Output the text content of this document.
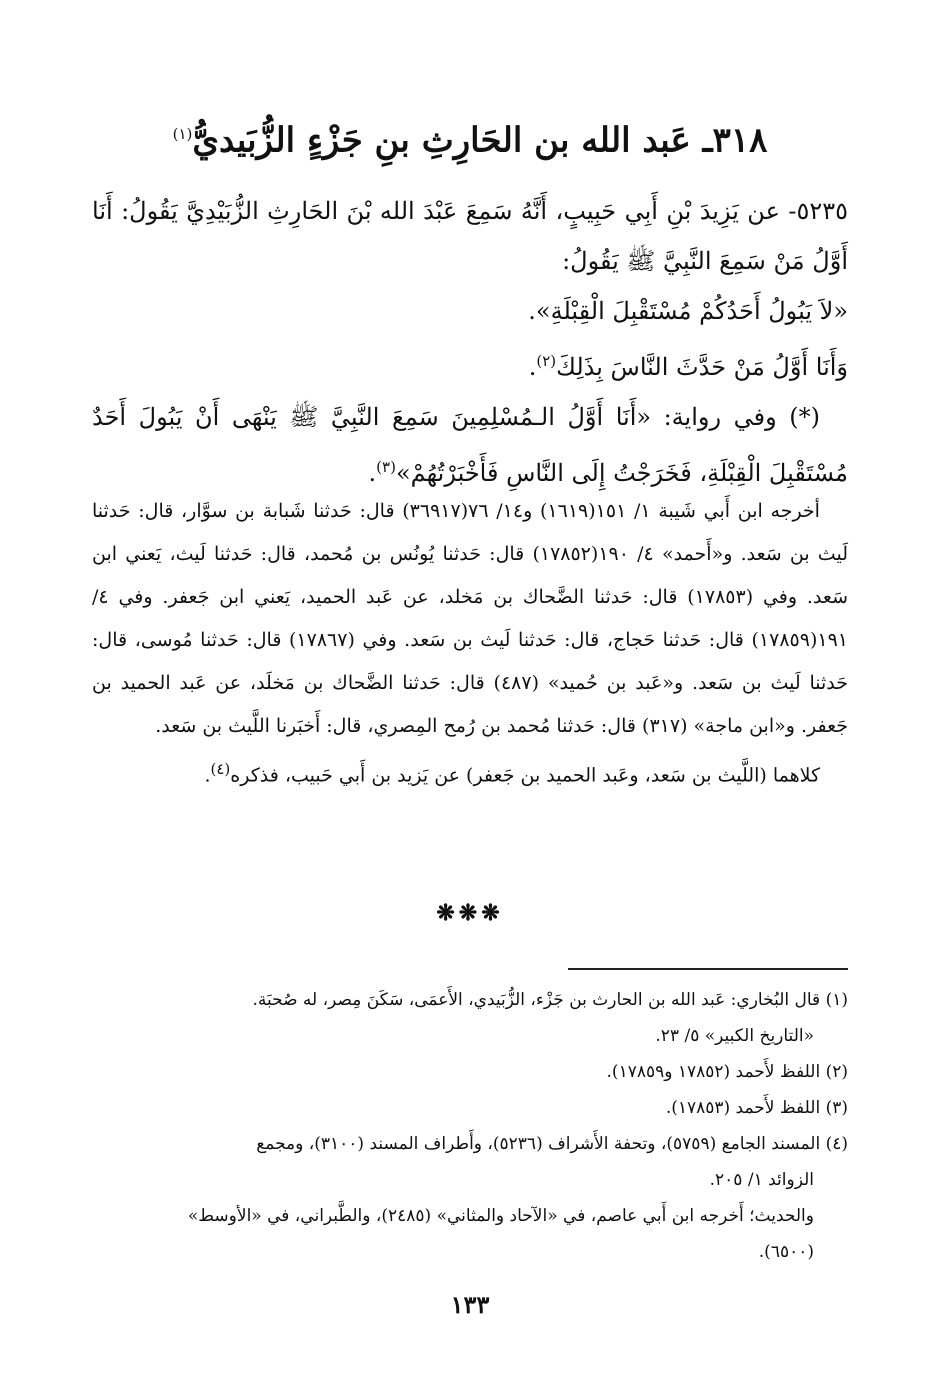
٣١٨ـ عَبد الله بن الحَارِثِ بنِ جَزْءٍ الزُّبَيديُّ$^{(١)}$

٥٢٣٥- عن يَزِيدَ بْنِ أَبِي حَبِيبٍ، أَنَّهُ سَمِعَ عَبْدَ الله بْنَ الحَارِثِ الزُّبَيْدِيَّ يَقُولُ: أَنَا أَوَّلُ مَنْ سَمِعَ النَّبِيَّ ﷺ يَقُولُ:

«لاَ يَبُولُ أَحَدُكُمْ مُسْتَقْبِلَ الْقِبْلَةِ».

وَأَنَا أَوَّلُ مَنْ حَدَّثَ النَّاسَ بِذَلِكَ$^{(٢)}$.

(*) وفي رواية: «أَنَا أَوَّلُ الـمُسْلِمِينَ سَمِعَ النَّبِيَّ ﷺ يَنْهَى أَنْ يَبُولَ أَحَدٌ مُسْتَقْبِلَ الْقِبْلَةِ، فَخَرَجْتُ إِلَى النَّاسِ فَأَخْبَرْتُهُمْ»$^{(٣)}$.

أخرجه ابن أَبي شَيبة ١/ ١٥١(١٦١٩) و١٤/ ٧٦(٣٦٩١٧) قال: حَدثنا شَبابة بن سوَّار، قال: حَدثنا لَيث بن سَعد. و«أَحمد» ٤/ ١٩٠(١٧٨٥٢) قال: حَدثنا يُونُس بن مُحمد، قال: حَدثنا لَيث، يَعني ابن سَعد. وفي (١٧٨٥٣) قال: حَدثنا الضَّحاك بن مَخلد، عن عَبد الحميد، يَعني ابن جَعفر. وفي ٤/ ١٩١(١٧٨٥٩) قال: حَدثنا حَجاج، قال: حَدثنا لَيث بن سَعد. وفي (١٧٨٦٧) قال: حَدثنا مُوسى، قال: حَدثنا لَيث بن سَعد. و«عَبد بن حُميد» (٤٨٧) قال: حَدثنا الضَّحاك بن مَخلَد، عن عَبد الحميد بن جَعفر. و«ابن ماجة» (٣١٧) قال: حَدثنا مُحمد بن رُمح المِصري، قال: أَخبَرنا اللَّيث بن سَعد.

كلاهما (اللَّيث بن سَعد، وعَبد الحميد بن جَعفر) عن يَزيد بن أَبي حَبيب، فذكره$^{(٤)}$.

❋❋❋

(١) قال البُخاري: عَبد الله بن الحارث بن جَزْء، الزُّبَيدي، الأَعمَى، سَكَنَ مِصر، له صُحبَة.

«التاريخ الكبير» ٥/ ٢٣.

(٢) اللفظ لأَحمد (١٧٨٥٢ و١٧٨٥٩).

(٣) اللفظ لأَحمد (١٧٨٥٣).

(٤) المسند الجامع (٥٧٥٩)، وتحفة الأَشراف (٥٢٣٦)، وأَطراف المسند (٣١٠٠)، ومجمع

الزوائد ١/ ٢٠٥.

والحديث؛ أَخرجه ابن أَبي عاصم، في «الآحاد والمثاني» (٢٤٨٥)، والطَّبراني، في «الأوسط»

(٦٥٠٠).

١٣٣
